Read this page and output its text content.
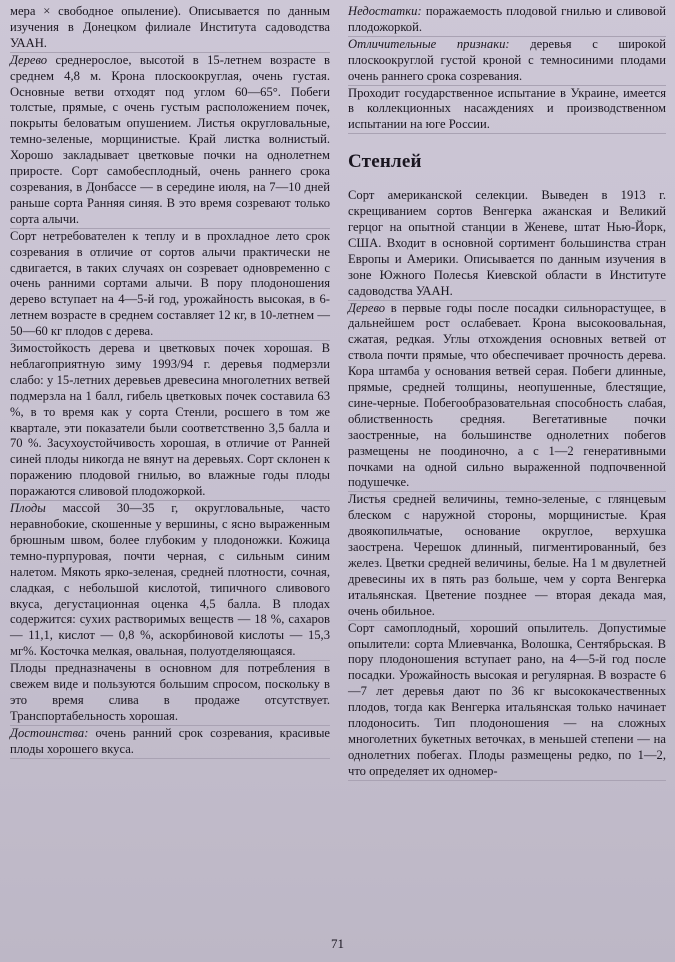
мера × свободное опыление). Описывается по данным изучения в Донецком филиале Института садоводства УААН.

Дерево среднерослое, высотой в 15-летнем возрасте в среднем 4,8 м. Крона плоскоокруглая, очень густая. Основные ветви отходят под углом 60—65°. Побеги толстые, прямые, с очень густым расположением почек, покрыты беловатым опушением. Листья округловальные, темно-зеленые, морщинистые. Край листка волнистый. Хорошо закладывает цветковые почки на однолетнем приросте. Сорт самобесплодный, очень раннего срока созревания, в Донбассе — в середине июля, на 7—10 дней раньше сорта Ранняя синяя. В это время созревают только сорта алычи.

Сорт нетребователен к теплу и в прохладное лето срок созревания в отличие от сортов алычи практически не сдвигается, в таких случаях он созревает одновременно с очень ранними сортами алычи. В пору плодоношения дерево вступает на 4—5-й год, урожайность высокая, в 6-летнем возрасте в среднем составляет 12 кг, в 10-летнем — 50—60 кг плодов с дерева.

Зимостойкость дерева и цветковых почек хорошая. В неблагоприятную зиму 1993/94 г. деревья подмерзли слабо: у 15-летних деревьев древесина многолетних ветвей подмерзла на 1 балл, гибель цветковых почек составила 63 %, в то время как у сорта Стенли, росшего в том же квартале, эти показатели были соответственно 3,5 балла и 70 %. Засухоустойчивость хорошая, в отличие от Ранней синей плоды никогда не вянут на деревьях. Сорт склонен к поражению плодовой гнилью, во влажные годы плоды поражаются сливовой плодожоркой.

Плоды массой 30—35 г, округловальные, часто неравнобокие, скошенные у вершины, с ясно выраженным брюшным швом, более глубоким у плодоножки. Кожица темно-пурпуровая, почти черная, с сильным синим налетом. Мякоть ярко-зеленая, средней плотности, сочная, сладкая, с небольшой кислотой, типичного сливового вкуса, дегустационная оценка 4,5 балла. В плодах содержится: сухих растворимых веществ — 18 %, сахаров — 11,1, кислот — 0,8 %, аскорбиновой кислоты — 15,3 мг%. Косточка мелкая, овальная, полуотделяющаяся.

Плоды предназначены в основном для потребления в свежем виде и пользуются большим спросом, поскольку в это время слива в продаже отсутствует. Транспортабельность хорошая.

Достоинства: очень ранний срок созревания, красивые плоды хорошего вкуса.

Недостатки: поражаемость плодовой гнилью и сливовой плодожоркой.

Отличительные признаки: деревья с широкой плоскоокруглой густой кроной с темносиними плодами очень раннего срока созревания.

Проходит государственное испытание в Украине, имеется в коллекционных насаждениях и производственном испытании на юге России.

Стенлей

Сорт американской селекции. Выведен в 1913 г. скрещиванием сортов Венгерка ажанская и Великий герцог на опытной станции в Женеве, штат Нью-Йорк, США. Входит в основной сортимент большинства стран Европы и Америки. Описывается по данным изучения в зоне Южного Полесья Киевской области в Институте садоводства УААН.

Дерево в первые годы после посадки сильнорастущее, в дальнейшем рост ослабевает. Крона высокоовальная, сжатая, редкая. Углы отхождения основных ветвей от ствола почти прямые, что обеспечивает прочность дерева. Кора штамба у основания ветвей серая. Побеги длинные, прямые, средней толщины, неопушенные, блестящие, сине-черные. Побегообразовательная способность слабая, облиственность средняя. Вегетативные почки заостренные, на большинстве однолетних побегов размещены не поодиночно, а с 1—2 генеративными почками на одной сильно выраженной подпочвенной подушечке.

Листья средней величины, темно-зеленые, с глянцевым блеском с наружной стороны, морщинистые. Края двоякопильчатые, основание округлое, верхушка заострена. Черешок длинный, пигментированный, без желез. Цветки средней величины, белые. На 1 м двулетней древесины их в пять раз больше, чем у сорта Венгерка итальянская. Цветение позднее — вторая декада мая, очень обильное.

Сорт самоплодный, хороший опылитель. Допустимые опылители: сорта Млиевчанка, Волошка, Сентябрьская. В пору плодоношения вступает рано, на 4—5-й год после посадки. Урожайность высокая и регулярная. В возрасте 6—7 лет деревья дают по 36 кг высококачественных плодов, тогда как Венгерка итальянская только начинает плодоносить. Тип плодоношения — на сложных многолетних букетных веточках, в меньшей степени — на однолетних побегах. Плоды размещены редко, по 1—2, что определяет их одномер-

71
